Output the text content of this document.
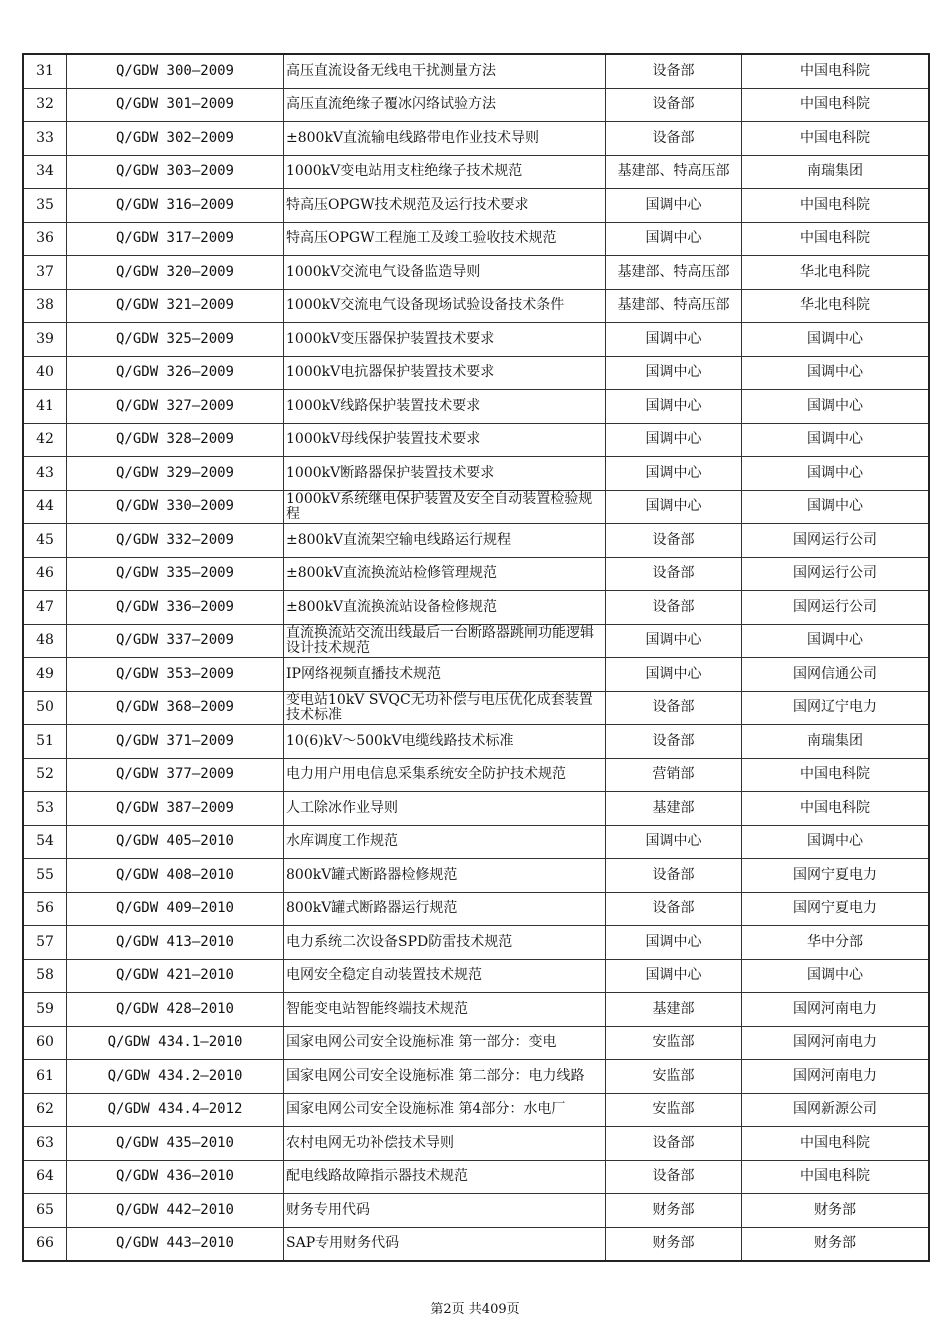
31	Q/GDW 300—2009	高压直流设备无线电干扰测量方法	设备部	中国电科院
32	Q/GDW 301—2009	高压直流绝缘子覆冰闪络试验方法	设备部	中国电科院
33	Q/GDW 302—2009	±800kV直流输电线路带电作业技术导则	设备部	中国电科院
34	Q/GDW 303—2009	1000kV变电站用支柱绝缘子技术规范	基建部、特高压部	南瑞集团
35	Q/GDW 316—2009	特高压OPGW技术规范及运行技术要求	国调中心	中国电科院
36	Q/GDW 317—2009	特高压OPGW工程施工及竣工验收技术规范	国调中心	中国电科院
37	Q/GDW 320—2009	1000kV交流电气设备监造导则	基建部、特高压部	华北电科院
38	Q/GDW 321—2009	1000kV交流电气设备现场试验设备技术条件	基建部、特高压部	华北电科院
39	Q/GDW 325—2009	1000kV变压器保护装置技术要求	国调中心	国调中心
40	Q/GDW 326—2009	1000kV电抗器保护装置技术要求	国调中心	国调中心
41	Q/GDW 327—2009	1000kV线路保护装置技术要求	国调中心	国调中心
42	Q/GDW 328—2009	1000kV母线保护装置技术要求	国调中心	国调中心
43	Q/GDW 329—2009	1000kV断路器保护装置技术要求	国调中心	国调中心
44	Q/GDW 330—2009	1000kV系统继电保护装置及安全自动装置检验规程	国调中心	国调中心
45	Q/GDW 332—2009	±800kV直流架空输电线路运行规程	设备部	国网运行公司
46	Q/GDW 335—2009	±800kV直流换流站检修管理规范	设备部	国网运行公司
47	Q/GDW 336—2009	±800kV直流换流站设备检修规范	设备部	国网运行公司
48	Q/GDW 337—2009	直流换流站交流出线最后一台断路器跳闸功能逻辑设计技术规范	国调中心	国调中心
49	Q/GDW 353—2009	IP网络视频直播技术规范	国调中心	国网信通公司
50	Q/GDW 368—2009	变电站10kV SVQC无功补偿与电压优化成套装置技术标准	设备部	国网辽宁电力
51	Q/GDW 371—2009	10(6)kV～500kV电缆线路技术标准	设备部	南瑞集团
52	Q/GDW 377—2009	电力用户用电信息采集系统安全防护技术规范	营销部	中国电科院
53	Q/GDW 387—2009	人工除冰作业导则	基建部	中国电科院
54	Q/GDW 405—2010	水库调度工作规范	国调中心	国调中心
55	Q/GDW 408—2010	800kV罐式断路器检修规范	设备部	国网宁夏电力
56	Q/GDW 409—2010	800kV罐式断路器运行规范	设备部	国网宁夏电力
57	Q/GDW 413—2010	电力系统二次设备SPD防雷技术规范	国调中心	华中分部
58	Q/GDW 421—2010	电网安全稳定自动装置技术规范	国调中心	国调中心
59	Q/GDW 428—2010	智能变电站智能终端技术规范	基建部	国网河南电力
60	Q/GDW 434.1—2010	国家电网公司安全设施标准 第一部分：变电	安监部	国网河南电力
61	Q/GDW 434.2—2010	国家电网公司安全设施标准 第二部分：电力线路	安监部	国网河南电力
62	Q/GDW 434.4—2012	国家电网公司安全设施标准 第4部分：水电厂	安监部	国网新源公司
63	Q/GDW 435—2010	农村电网无功补偿技术导则	设备部	中国电科院
64	Q/GDW 436—2010	配电线路故障指示器技术规范	设备部	中国电科院
65	Q/GDW 442—2010	财务专用代码	财务部	财务部
66	Q/GDW 443—2010	SAP专用财务代码	财务部	财务部
第2页 共409页
